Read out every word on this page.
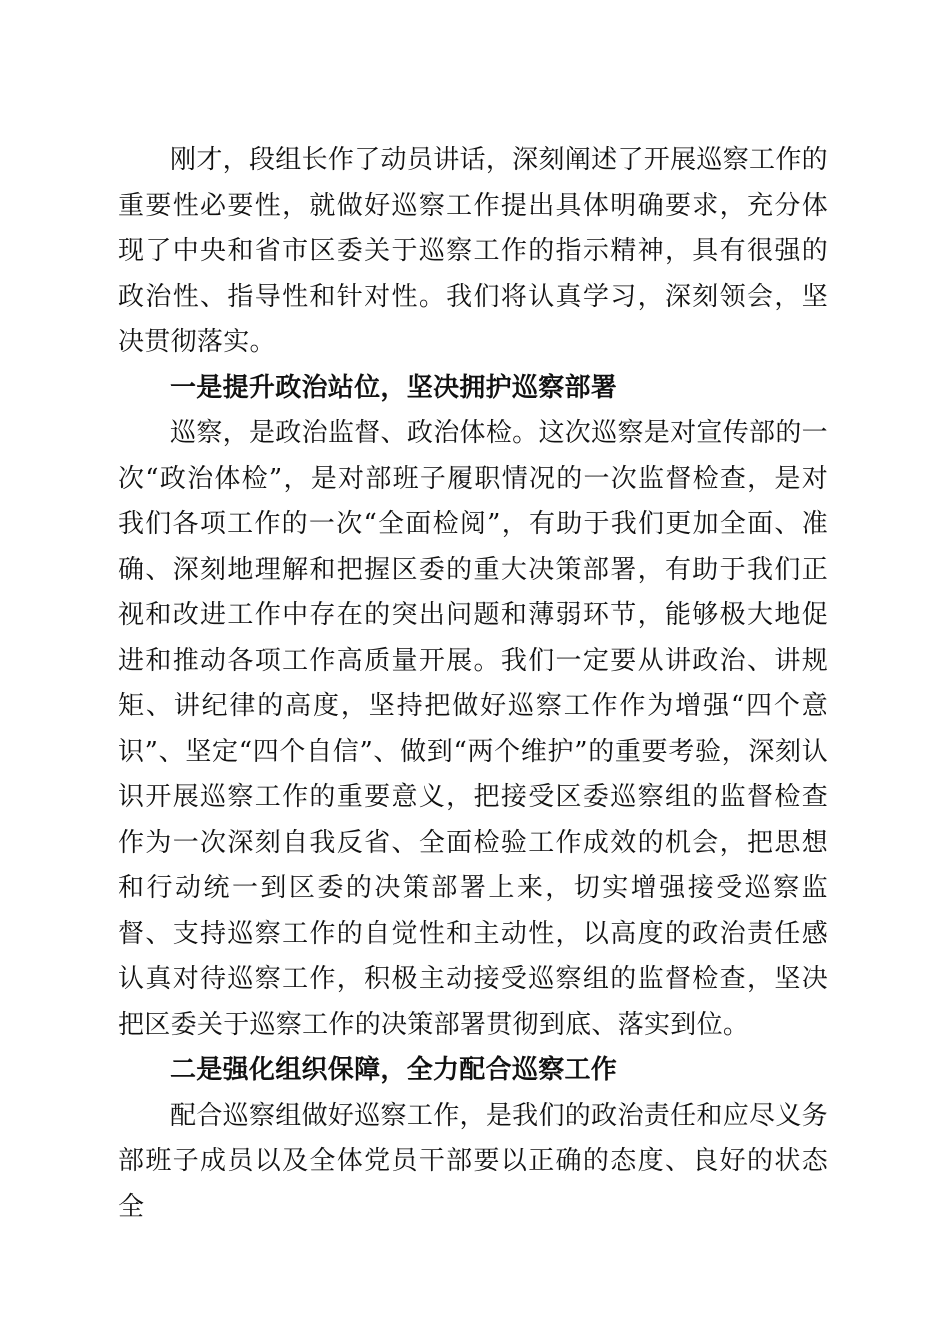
刚才，段组长作了动员讲话，深刻阐述了开展巡察工作的重要性必要性，就做好巡察工作提出具体明确要求，充分体现了中央和省市区委关于巡察工作的指示精神，具有很强的政治性、指导性和针对性。我们将认真学习，深刻领会，坚决贯彻落实。

一是提升政治站位，坚决拥护巡察部署

巡察，是政治监督、政治体检。这次巡察是对宣传部的一次“政治体检”，是对部班子履职情况的一次监督检查，是对我们各项工作的一次“全面检阅”，有助于我们更加全面、准确、深刻地理解和把握区委的重大决策部署，有助于我们正视和改进工作中存在的突出问题和薄弱环节，能够极大地促进和推动各项工作高质量开展。我们一定要从讲政治、讲规矩、讲纪律的高度，坚持把做好巡察工作作为增强“四个意识”、坚定“四个自信”、做到“两个维护”的重要考验，深刻认识开展巡察工作的重要意义，把接受区委巡察组的监督检查作为一次深刻自我反省、全面检验工作成效的机会，把思想和行动统一到区委的决策部署上来，切实增强接受巡察监督、支持巡察工作的自觉性和主动性，以高度的政治责任感认真对待巡察工作，积极主动接受巡察组的监督检查，坚决把区委关于巡察工作的决策部署贯彻到底、落实到位。

二是强化组织保障，全力配合巡察工作

配合巡察组做好巡察工作，是我们的政治责任和应尽义务部班子成员以及全体党员干部要以正确的态度、良好的状态全
